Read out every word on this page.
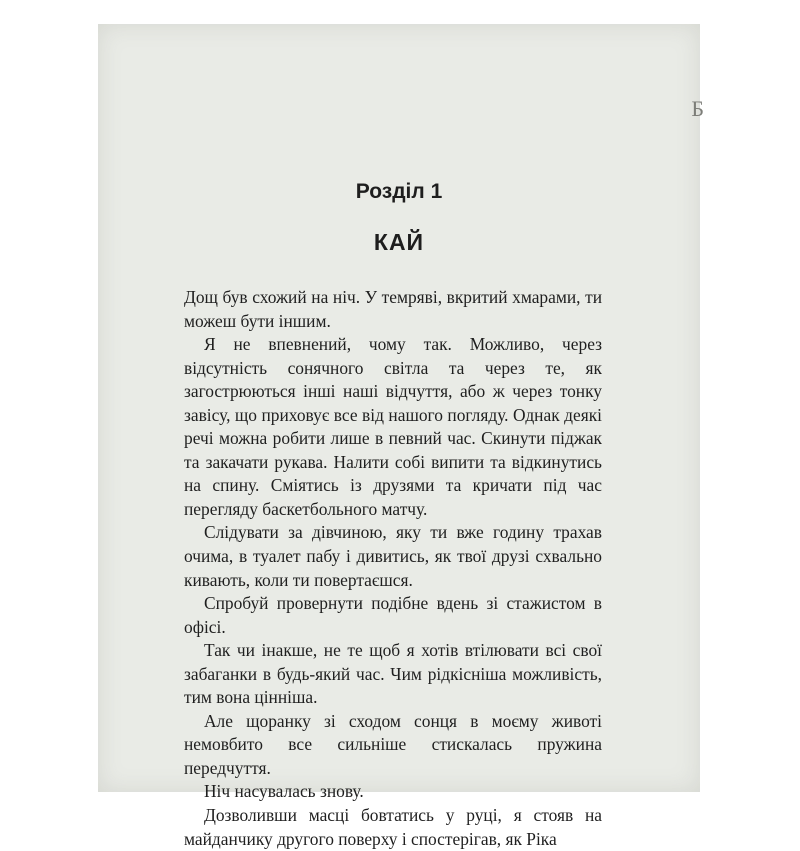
Б
Розділ 1
КАЙ

Дощ був схожий на ніч. У темряві, вкритий хмарами, ти можеш бути іншим.

Я не впевнений, чому так. Можливо, через відсутність сонячного світла та через те, як загострюються інші наші відчуття, або ж через тонку завісу, що приховує все від нашого погляду. Однак деякі речі можна робити лише в певний час. Скинути піджак та закачати рукава. Налити собі випити та відкинутись на спину. Сміятись із друзями та кричати під час перегляду баскетбольного матчу.

Слідувати за дівчиною, яку ти вже годину трахав очима, в туалет пабу і дивитись, як твої друзі схвально кивають, коли ти повертаєшся.

Спробуй провернути подібне вдень зі стажистом в офісі.

Так чи інакше, не те щоб я хотів втілювати всі свої забаганки в будь-який час. Чим рідкісніша можливість, тим вона цінніша.

Але щоранку зі сходом сонця в моєму животі немовбито все сильніше стискалась пружина передчуття.

Ніч насувалась знову.

Дозволивши масці бовтатись у руці, я стояв на майданчику другого поверху і спостерігав, як Ріка
